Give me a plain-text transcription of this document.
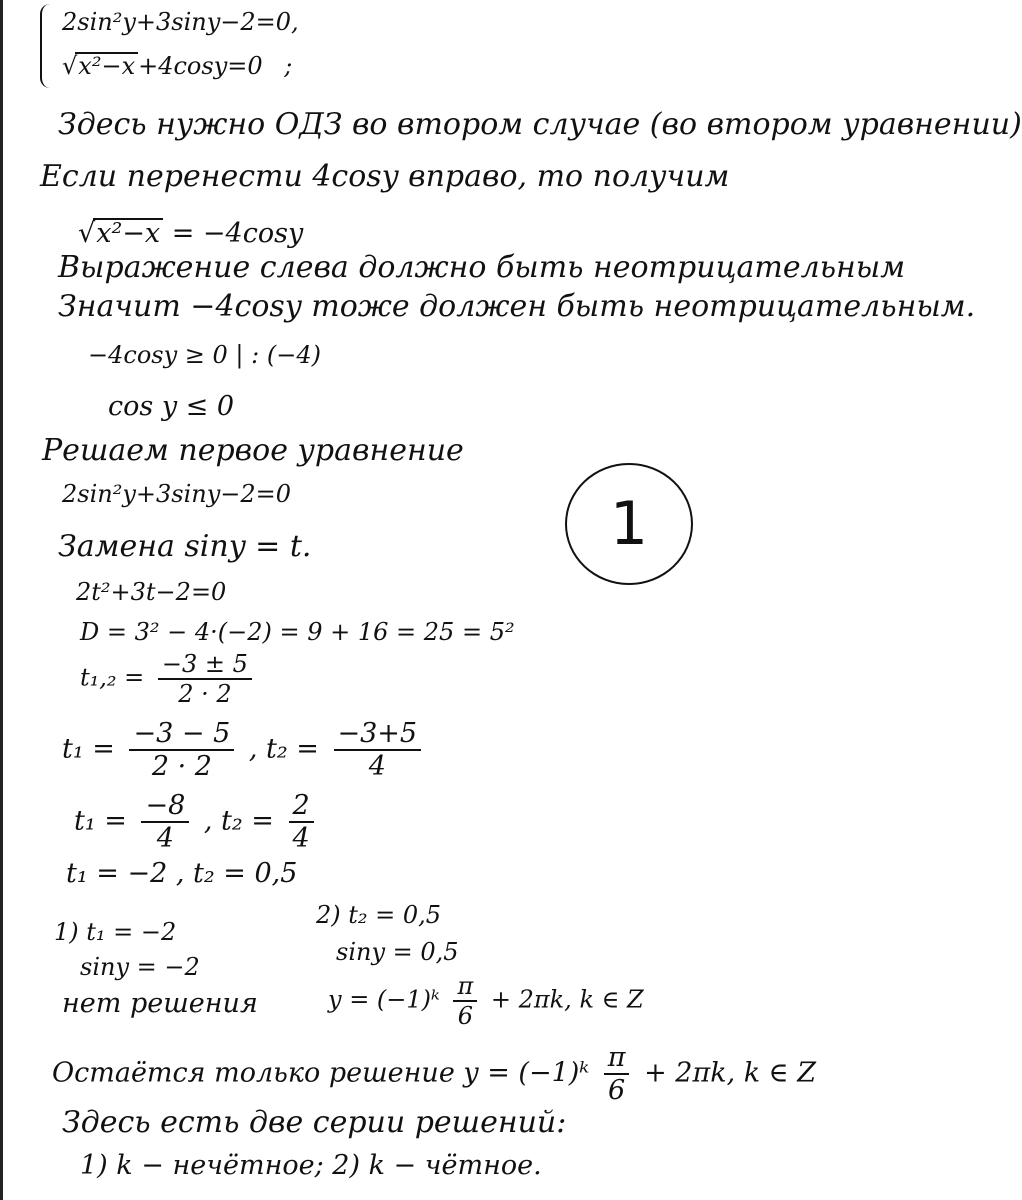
2sin²y+3siny−2=0,
√x²−x +4cosy=0 ;
Здесь нужно ОДЗ во втором случае (во втором уравнении)
Если перенести 4cosy вправо, то получим
√x²−x = −4cosy
Выражение слева должно быть неотрицательным
Значит −4cosy тоже должен быть неотрицательным.
−4cosy ≥ 0 | : (−4)
cos y ≤ 0
Решаем первое уравнение
2sin²y+3siny−2=0
Замена siny = t.
2t²+3t−2=0
D = 3² − 4·(−2) = 9 + 16 = 25 = 5²
$t_1,_2 = \frac{-3 \pm 5}{2 \cdot 2}$
$t_1 = \frac{-3 - 5}{2 \cdot 2}$ , $t_2 = \frac{-3+5}{4}$
$t_1 = \frac{-8}{4}$ , $t_2 = \frac{2}{4}$
t₁ = −2 , t₂ = 0,5
1) t₁ = −2
siny = −2
нет решения
2) t₂ = 0,5
siny = 0,5
y = (−1)ᵏ $\frac{\pi}{6} + 2\pi k$, k ∈ Z
Остаётся только решение y = (−1)ᵏ $\frac{\pi}{6} + 2\pi k$, k ∈ Z
Здесь есть две серии решений:
1) k − нечётное; 2) k − чётное.
1
